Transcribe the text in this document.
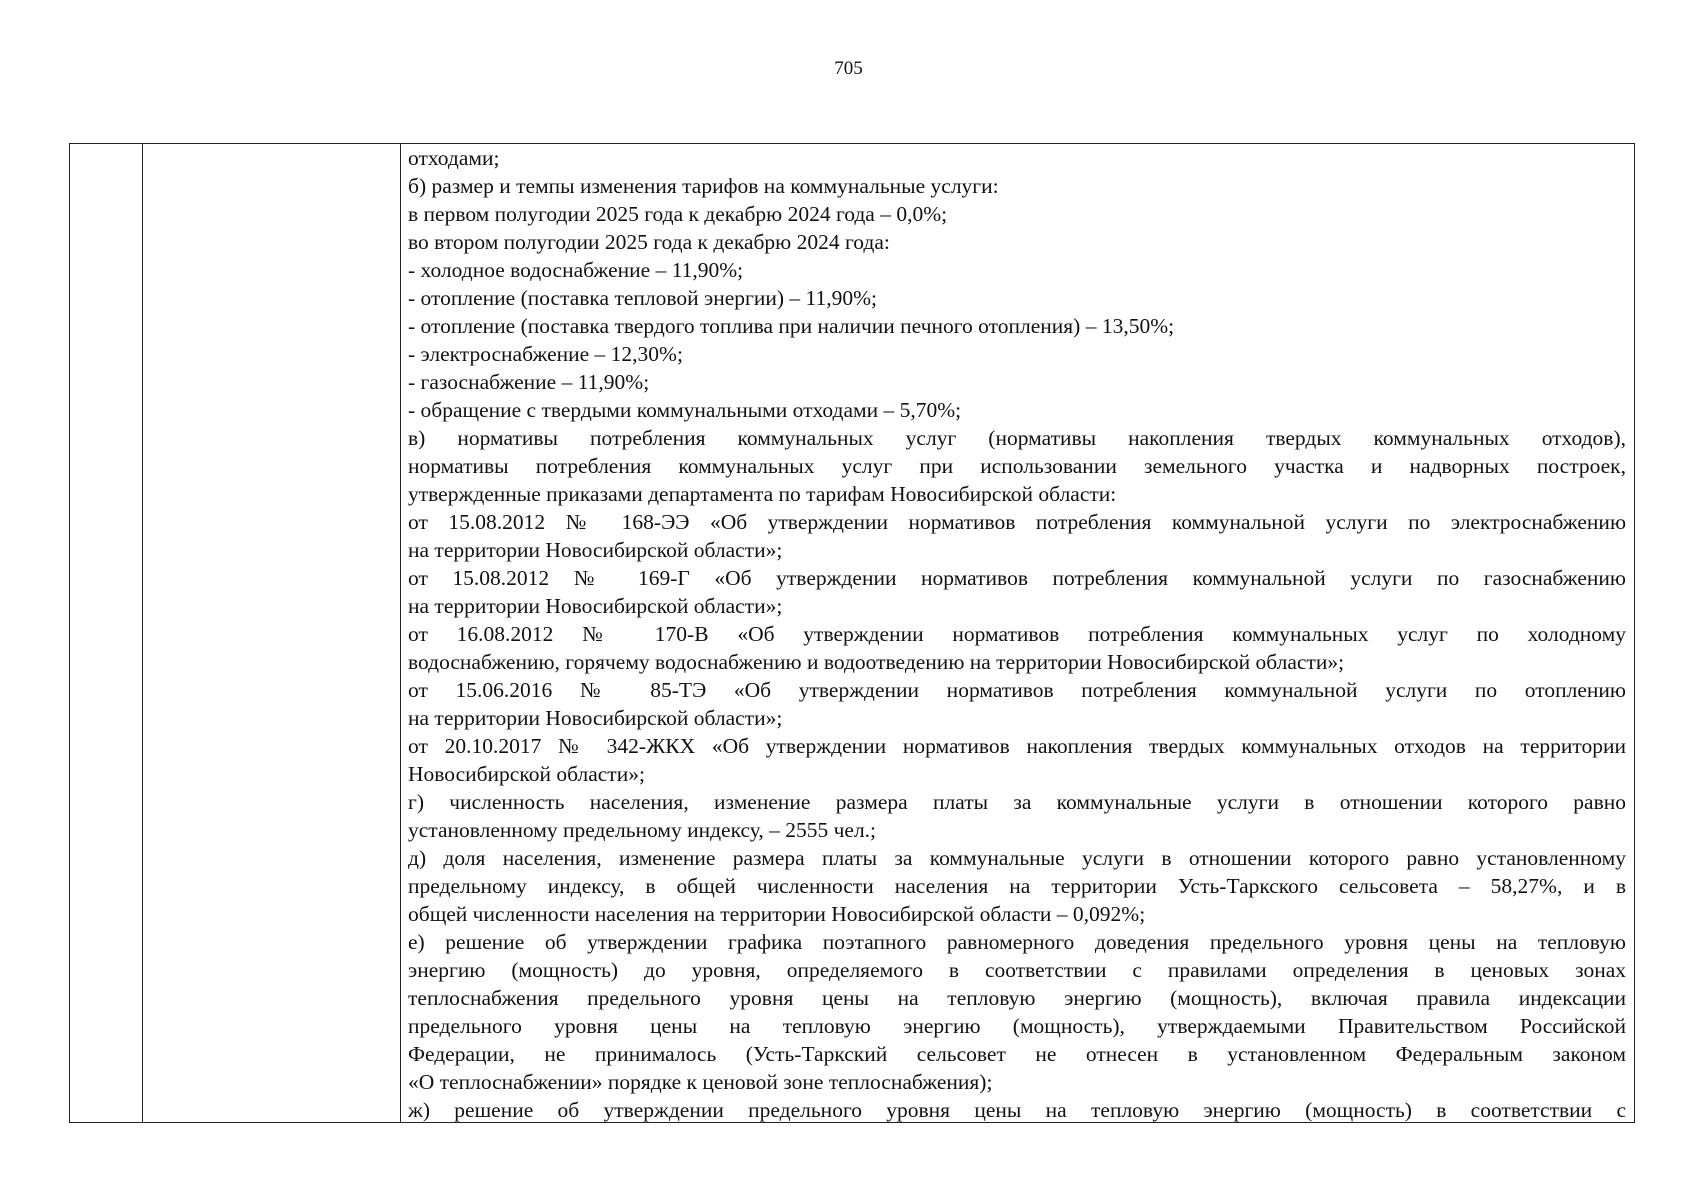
705
отходами;
б) размер и темпы изменения тарифов на коммунальные услуги:
в первом полугодии 2025 года к декабрю 2024 года – 0,0%;
во втором полугодии 2025 года к декабрю 2024 года:
- холодное водоснабжение – 11,90%;
- отопление (поставка тепловой энергии) – 11,90%;
- отопление (поставка твердого топлива при наличии печного отопления) – 13,50%;
- электроснабжение – 12,30%;
- газоснабжение – 11,90%;
- обращение с твердыми коммунальными отходами – 5,70%;
в) нормативы потребления коммунальных услуг (нормативы накопления твердых коммунальных отходов),
нормативы потребления коммунальных услуг при использовании земельного участка и надворных построек,
утвержденные приказами департамента по тарифам Новосибирской области:
от 15.08.2012 № 168-ЭЭ «Об утверждении нормативов потребления коммунальной услуги по электроснабжению
на территории Новосибирской области»;
от 15.08.2012 № 169-Г «Об утверждении нормативов потребления коммунальной услуги по газоснабжению
на территории Новосибирской области»;
от 16.08.2012 № 170-В «Об утверждении нормативов потребления коммунальных услуг по холодному
водоснабжению, горячему водоснабжению и водоотведению на территории Новосибирской области»;
от 15.06.2016 № 85-ТЭ «Об утверждении нормативов потребления коммунальной услуги по отоплению
на территории Новосибирской области»;
от 20.10.2017 № 342-ЖКХ «Об утверждении нормативов накопления твердых коммунальных отходов на территории
Новосибирской области»;
г) численность населения, изменение размера платы за коммунальные услуги в отношении которого равно
установленному предельному индексу, – 2555 чел.;
д) доля населения, изменение размера платы за коммунальные услуги в отношении которого равно установленному
предельному индексу, в общей численности населения на территории Усть-Таркского сельсовета – 58,27%, и в
общей численности населения на территории Новосибирской области – 0,092%;
е) решение об утверждении графика поэтапного равномерного доведения предельного уровня цены на тепловую
энергию (мощность) до уровня, определяемого в соответствии с правилами определения в ценовых зонах
теплоснабжения предельного уровня цены на тепловую энергию (мощность), включая правила индексации
предельного уровня цены на тепловую энергию (мощность), утверждаемыми Правительством Российской
Федерации, не принималось (Усть-Таркский сельсовет не отнесен в установленном Федеральным законом
«О теплоснабжении» порядке к ценовой зоне теплоснабжения);
ж) решение об утверждении предельного уровня цены на тепловую энергию (мощность) в соответствии с
